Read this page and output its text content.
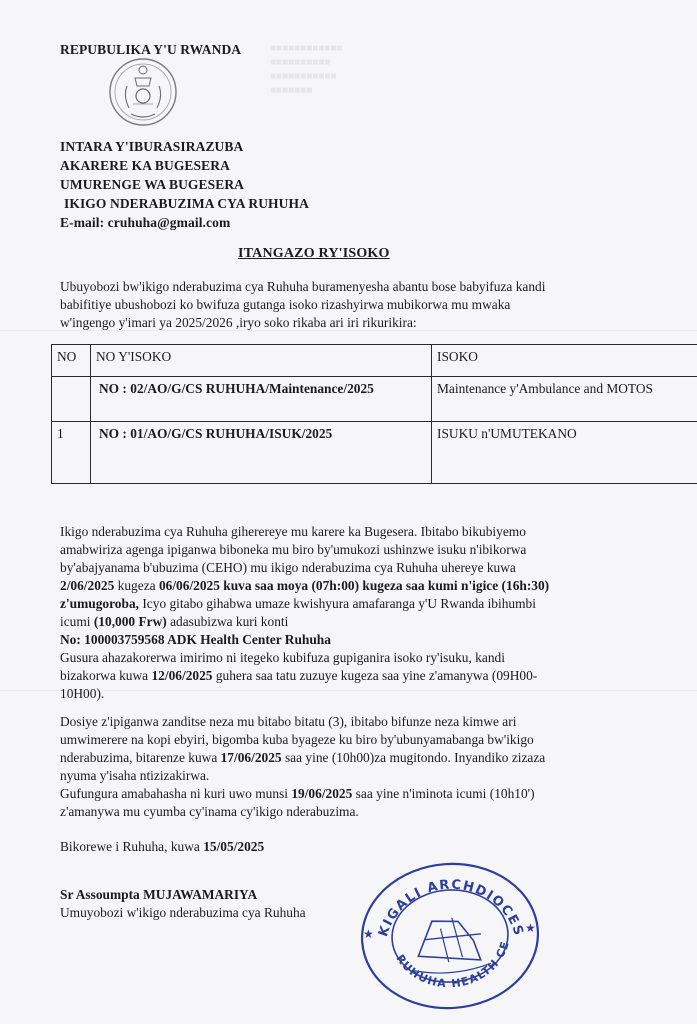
REPUBULIKA Y'U RWANDA	■■■■■■■■■■■■
■■■■■■■■■■
■■■■■■■■■■■
■■■■■■■
INTARA Y'IBURASIRAZUBA
AKARERE KA BUGESERA
UMURENGE WA BUGESERA
IKIGO NDERABUZIMA CYA RUHUHA
E-mail: cruhuha@gmail.com
ITANGAZO RY'ISOKO
Ubuyobozi bw'ikigo nderabuzima cya Ruhuha buramenyesha abantu bose babyifuza kandi
babifitiye ubushobozi ko bwifuza gutanga isoko rizashyirwa mubikorwa mu mwaka
w'ingengo y'imari ya 2025/2026 ,iryo soko rikaba ari iri rikurikira:
NO	NO Y'ISOKO	ISOKO
	NO : 02/AO/G/CS RUHUHA/Maintenance/2025	Maintenance y'Ambulance and MOTOS
1	NO : 01/AO/G/CS RUHUHA/ISUK/2025	ISUKU n'UMUTEKANO
Ikigo nderabuzima cya Ruhuha giherereye mu karere ka Bugesera. Ibitabo bikubiyemo
amabwiriza agenga ipiganwa biboneka mu biro by'umukozi ushinzwe isuku n'ibikorwa
by'abajyanama b'ubuzima (CEHO) mu ikigo nderabuzima cya Ruhuha uhereye kuwa
2/06/2025 kugeza 06/06/2025 kuva saa moya (07h:00) kugeza saa kumi n'igice (16h:30)
z'umugoroba, Icyo gitabo gihabwa umaze kwishyura amafaranga y'U Rwanda ibihumbi
icumi (10,000 Frw) adasubizwa kuri konti
No: 100003759568 ADK Health Center Ruhuha
Gusura ahazakorerwa imirimo ni itegeko kubifuza gupiganira isoko ry'isuku, kandi
bizakorwa kuwa 12/06/2025 guhera saa tatu zuzuye kugeza saa yine z'amanywa (09H00-
10H00).
Dosiye z'ipiganwa zanditse neza mu bitabo bitatu (3), ibitabo bifunze neza kimwe ari
umwimerere na kopi ebyiri, bigomba kuba byageze ku biro by'ubunyamabanga bw'ikigo
nderabuzima, bitarenze kuwa 17/06/2025 saa yine (10h00)za mugitondo. Inyandiko zizaza
nyuma y'isaha ntizizakirwa.
Gufungura amabahasha ni kuri uwo munsi 19/06/2025 saa yine n'iminota icumi (10h10')
z'amanywa mu cyumba cy'inama cy'ikigo nderabuzima.
Bikorewe i Ruhuha, kuwa 15/05/2025
Sr Assoumpta MUJAWAMARIYA
Umuyobozi w'ikigo nderabuzima cya Ruhuha
KIGALI ARCHDIOCESE
RUHUHA HEALTH CENTER
★	★
